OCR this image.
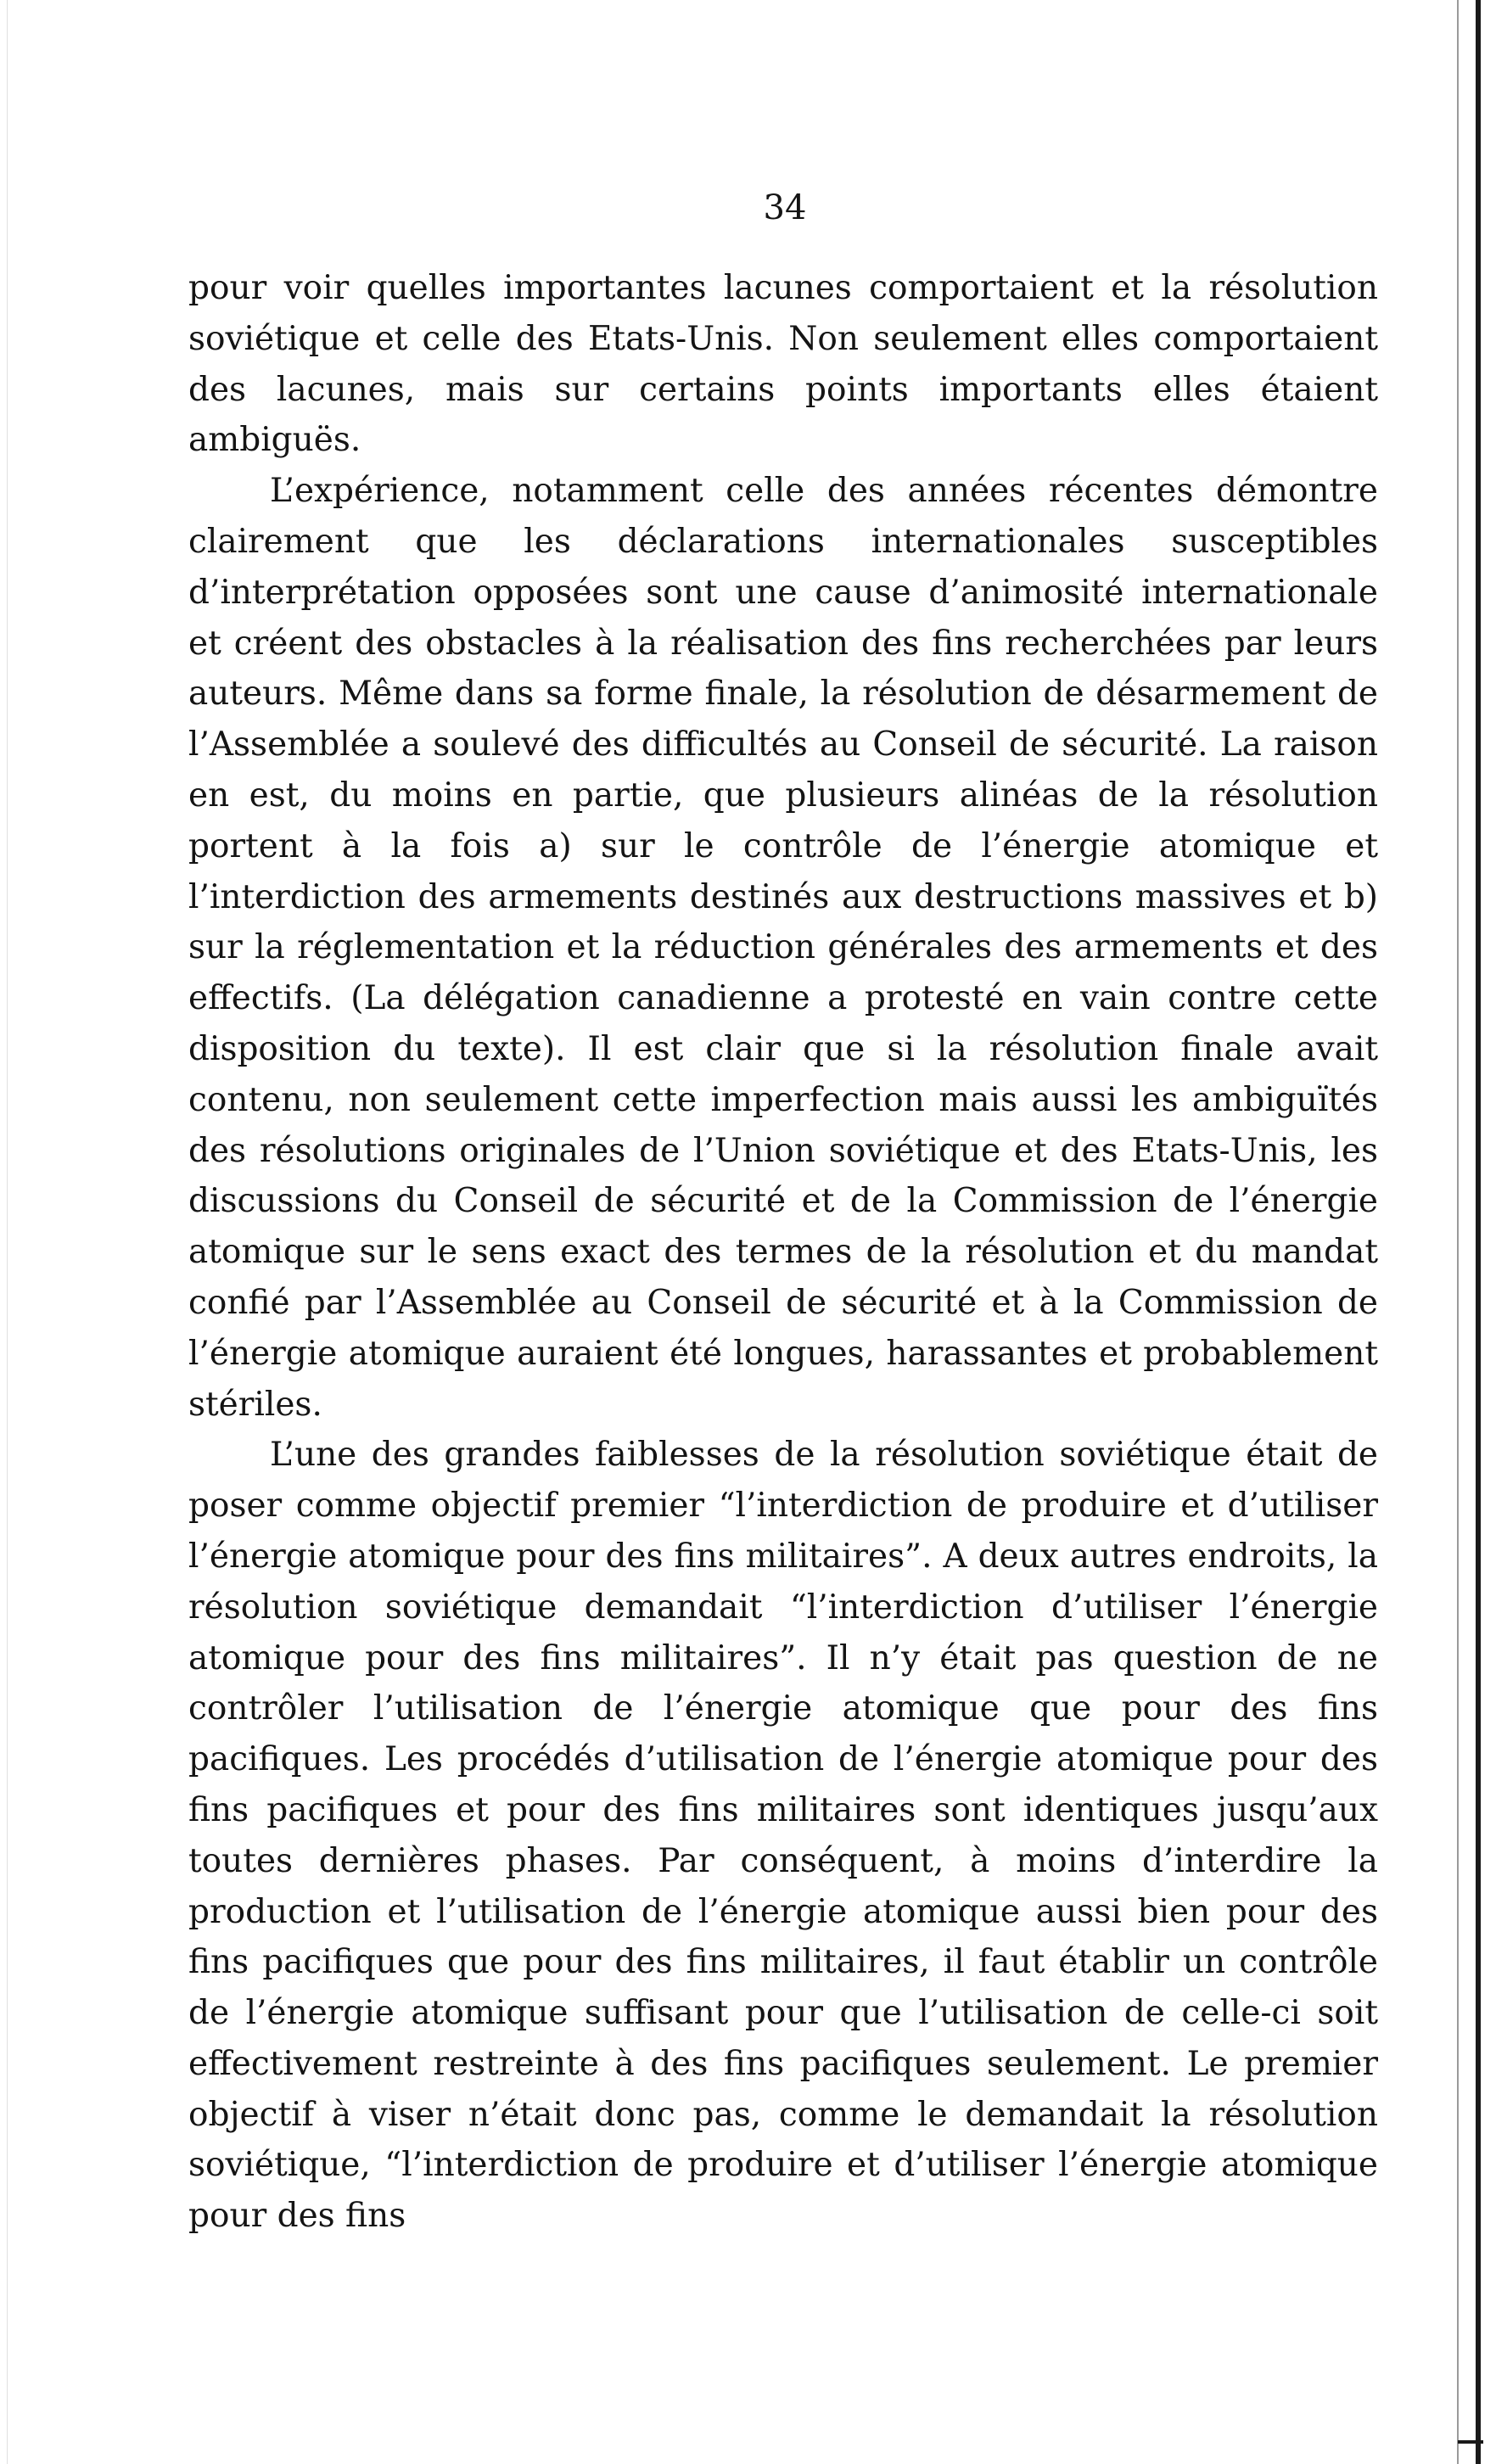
34

pour voir quelles importantes lacunes comportaient et la résolution soviétique et celle des Etats-Unis. Non seulement elles comportaient des lacunes, mais sur certains points importants elles étaient ambiguës.

L’expérience, notamment celle des années récentes démontre clairement que les déclarations internationales susceptibles d’interprétation opposées sont une cause d’animosité internationale et créent des obstacles à la réalisation des fins recherchées par leurs auteurs. Même dans sa forme finale, la résolution de désarmement de l’Assemblée a soulevé des difficultés au Conseil de sécurité. La raison en est, du moins en partie, que plusieurs alinéas de la résolution portent à la fois a) sur le contrôle de l’énergie atomique et l’interdiction des armements destinés aux destructions massives et b) sur la réglementation et la réduction générales des armements et des effectifs. (La délégation canadienne a protesté en vain contre cette disposition du texte). Il est clair que si la résolution finale avait contenu, non seulement cette imperfection mais aussi les ambiguïtés des résolutions originales de l’Union soviétique et des Etats-Unis, les discussions du Conseil de sécurité et de la Commission de l’énergie atomique sur le sens exact des termes de la résolution et du mandat confié par l’Assemblée au Conseil de sécurité et à la Commission de l’énergie atomique auraient été longues, harassantes et probablement stériles.

L’une des grandes faiblesses de la résolution soviétique était de poser comme objectif premier “l’interdiction de produire et d’utiliser l’énergie atomique pour des fins militaires”. A deux autres endroits, la résolution soviétique demandait “l’interdiction d’utiliser l’énergie atomique pour des fins militaires”. Il n’y était pas question de ne contrôler l’utilisation de l’énergie atomique que pour des fins pacifiques. Les procédés d’utilisation de l’énergie atomique pour des fins pacifiques et pour des fins militaires sont identiques jusqu’aux toutes dernières phases. Par conséquent, à moins d’interdire la production et l’utilisation de l’énergie atomique aussi bien pour des fins pacifiques que pour des fins militaires, il faut établir un contrôle de l’énergie atomique suffisant pour que l’utilisation de celle-ci soit effectivement restreinte à des fins pacifiques seulement. Le premier objectif à viser n’était donc pas, comme le demandait la résolution soviétique, “l’interdiction de produire et d’utiliser l’énergie atomique pour des fins
